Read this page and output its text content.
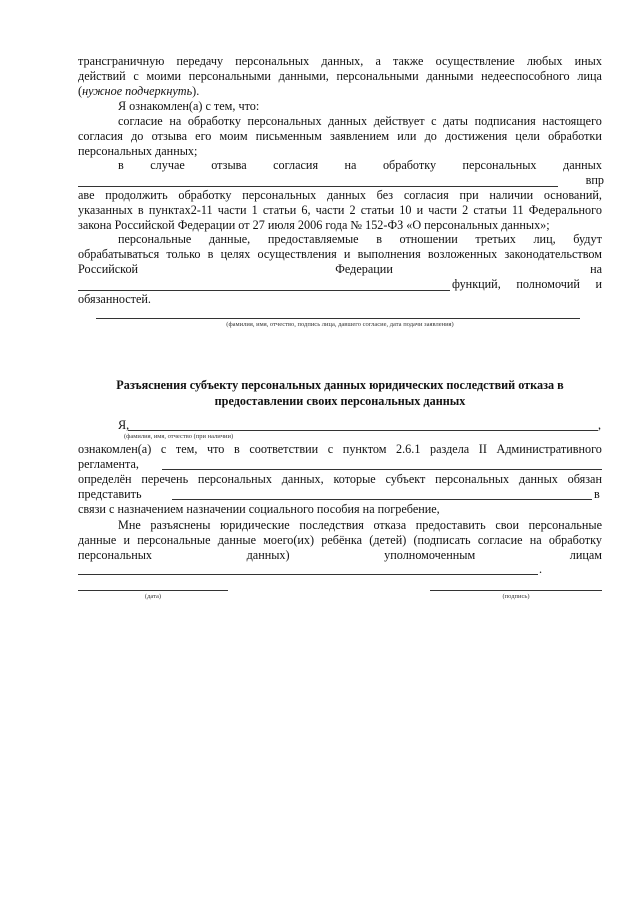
трансграничную передачу персональных данных, а также осуществление любых иных
действий с моими персональными данными, персональными данными недееспособного лица
(нужное подчеркнуть).
Я ознакомлен(а) с тем, что:
согласие на обработку персональных данных действует с даты подписания настоящего
согласия до отзыва его моим письменным заявлением или до достижения цели обработки
персональных данных;
в случае отзыва согласия на обработку персональных данных
впр
аве продолжить обработку персональных данных без согласия при наличии оснований,
указанных в пунктах2-11 части 1 статьи 6, части 2 статьи 10 и части 2 статьи 11 Федерального
закона Российской Федерации от 27 июля 2006 года № 152-ФЗ «О персональных данных»;
персональные данные, предоставляемые в отношении третьих лиц, будут
обрабатываться только в целях осуществления и выполнения возложенных законодательством
Российской	Федерации	на
функций, полномочий и
обязанностей.
(фамилия, имя, отчество, подпись лица, давшего согласие, дата подачи заявления)
Разъяснения субъекту персональных данных юридических последствий отказа в
предоставлении своих персональных данных
Я,	,
(фамилия, имя, отчество (при наличии)
ознакомлен(а) с тем, что в соответствии с пунктом 2.6.1 раздела II Административного
регламента,
определён перечень персональных данных, которые субъект персональных данных обязан
представить	в
связи с назначением назначении социального пособия на погребение,
Мне разъяснены юридические последствия отказа предоставить свои персональные
данные и персональные данные моего(их) ребёнка (детей) (подписать согласие на обработку
персональных	данных)	уполномоченным	лицам
.
(дата)	(подпись)
